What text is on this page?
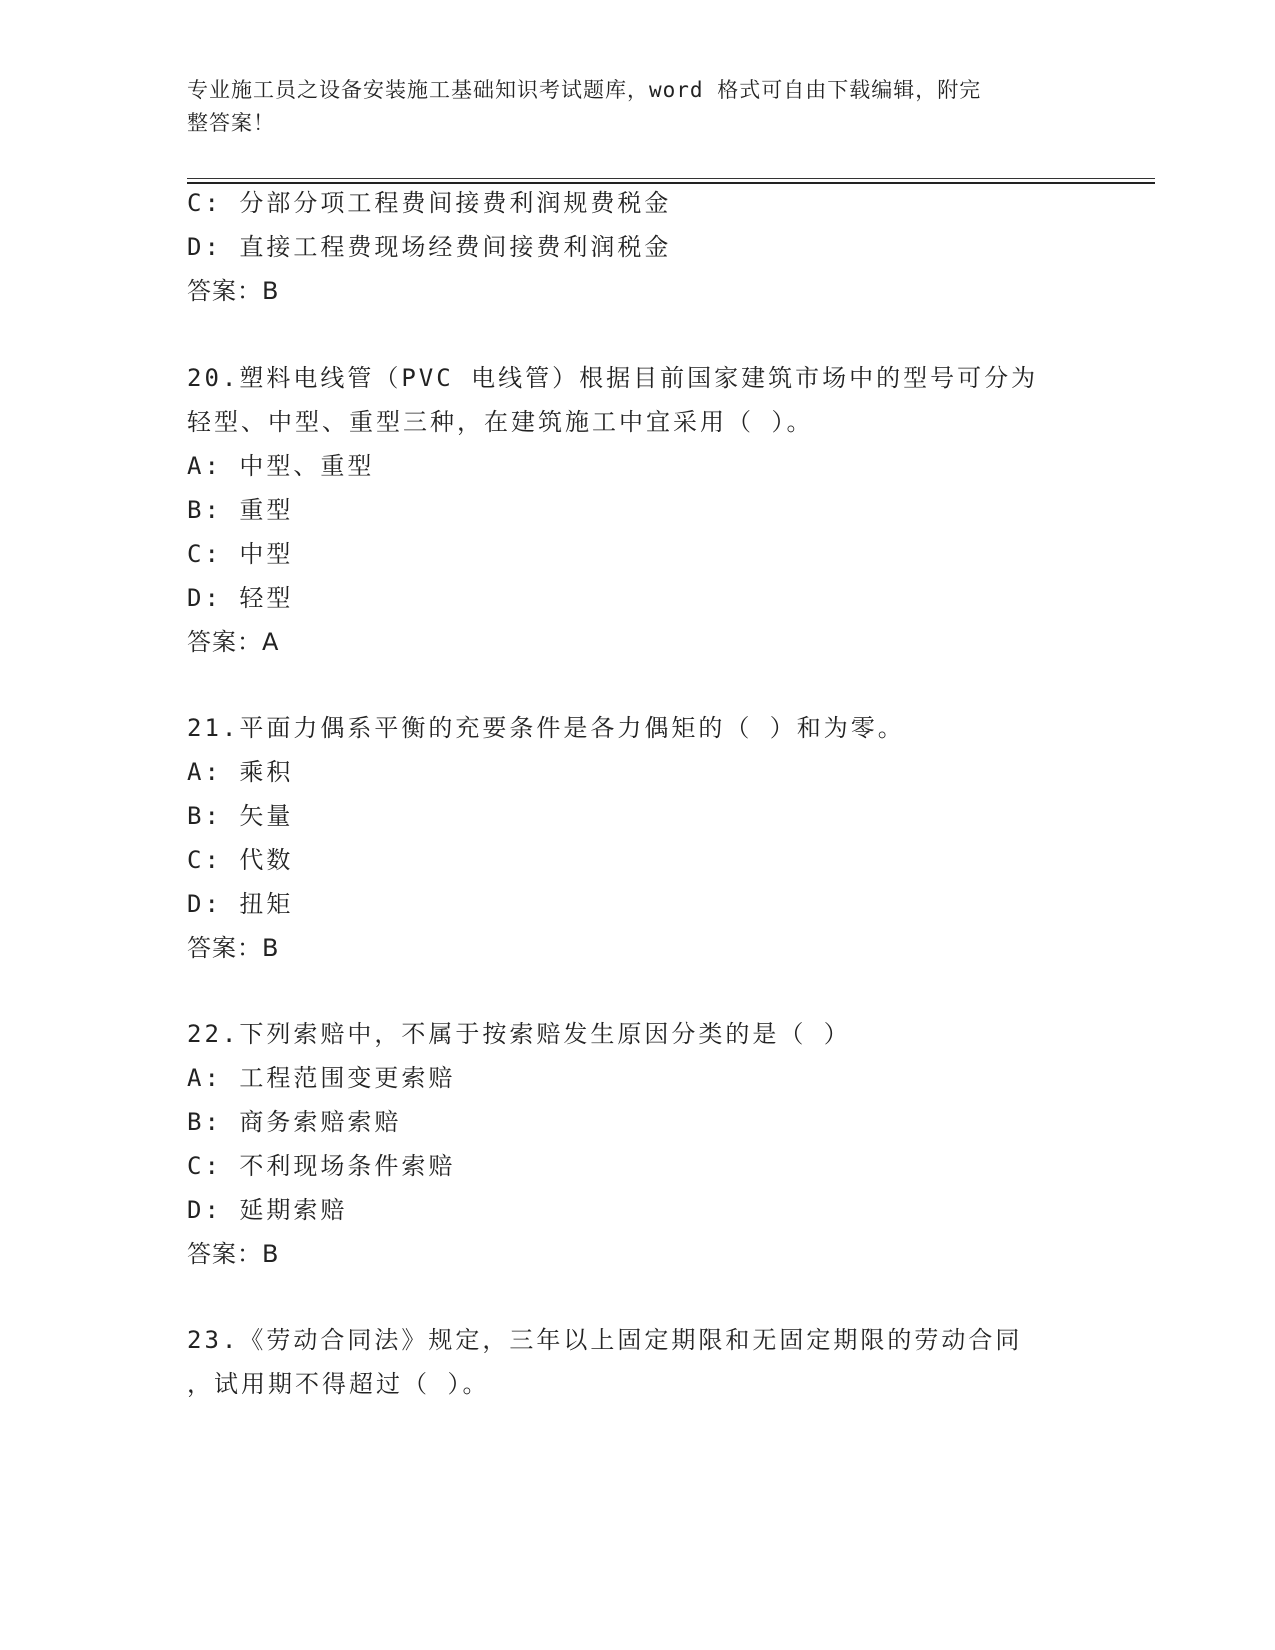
专业施工员之设备安装施工基础知识考试题库，word 格式可自由下载编辑，附完
整答案！
C: 分部分项工程费间接费利润规费税金
D: 直接工程费现场经费间接费利润税金
答案：B
20.塑料电线管（PVC 电线管）根据目前国家建筑市场中的型号可分为
轻型、中型、重型三种，在建筑施工中宜采用（ ）。
A: 中型、重型
B: 重型
C: 中型
D: 轻型
答案：A
21.平面力偶系平衡的充要条件是各力偶矩的（ ）和为零。
A: 乘积
B: 矢量
C: 代数
D: 扭矩
答案：B
22.下列索赔中，不属于按索赔发生原因分类的是（ ）
A: 工程范围变更索赔
B: 商务索赔索赔
C: 不利现场条件索赔
D: 延期索赔
答案：B
23.《劳动合同法》规定，三年以上固定期限和无固定期限的劳动合同
，试用期不得超过（ ）。
